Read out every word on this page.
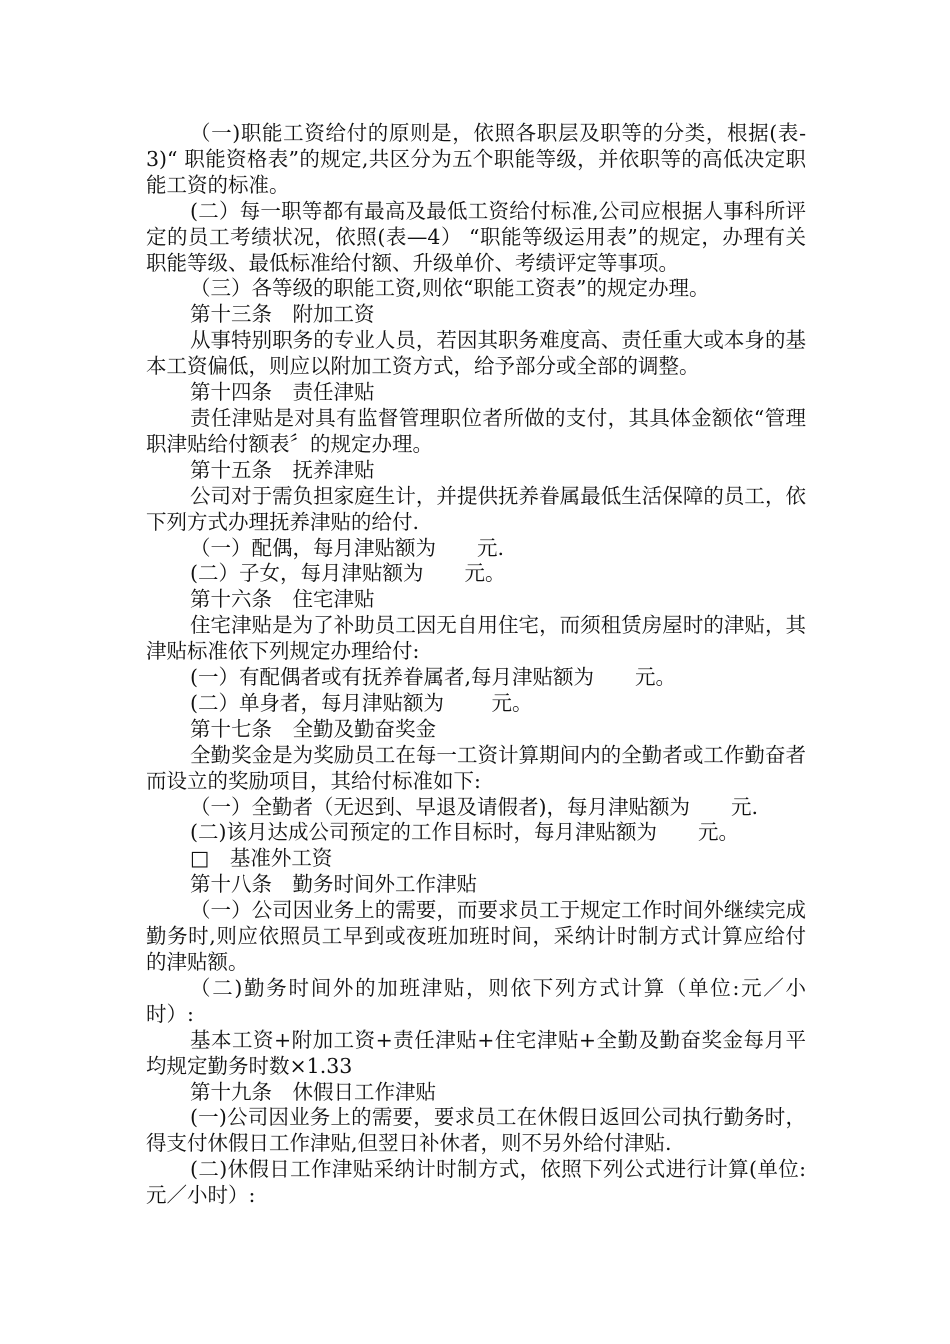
（一)职能工资给付的原则是，依照各职层及职等的分类，根据(表-3)“ 职能资格表”的规定,共区分为五个职能等级，并依职等的高低决定职能工资的标准。

(二）每一职等都有最高及最低工资给付标准,公司应根据人事科所评定的员工考绩状况，依照(表—4） “职能等级运用表”的规定，办理有关职能等级、最低标准给付额、升级单价、考绩评定等事项。

（三）各等级的职能工资,则依“职能工资表”的规定办理。

第十三条　附加工资

从事特别职务的专业人员，若因其职务难度高、责任重大或本身的基本工资偏低，则应以附加工资方式，给予部分或全部的调整。

第十四条　责任津贴

责任津贴是对具有监督管理职位者所做的支付，其具体金额依“管理职津贴给付额表〞的规定办理。

第十五条　抚养津贴

公司对于需负担家庭生计，并提供抚养眷属最低生活保障的员工，依下列方式办理抚养津贴的给付.

（一）配偶，每月津贴额为　　元.

(二）子女，每月津贴额为　　元。

第十六条　住宅津贴

住宅津贴是为了补助员工因无自用住宅，而须租赁房屋时的津贴，其津贴标准依下列规定办理给付:

(一）有配偶者或有抚养眷属者,每月津贴额为　　元。

(二）单身者，每月津贴额为　　 元。

第十七条　全勤及勤奋奖金

全勤奖金是为奖励员工在每一工资计算期间内的全勤者或工作勤奋者而设立的奖励项目，其给付标准如下:

（一）全勤者（无迟到、早退及请假者)，每月津贴额为　　元.

(二)该月达成公司预定的工作目标时，每月津贴额为　　元。

□　基准外工资

第十八条　勤务时间外工作津贴

（一）公司因业务上的需要，而要求员工于规定工作时间外继续完成勤务时,则应依照员工早到或夜班加班时间，采纳计时制方式计算应给付的津贴额。

（二)勤务时间外的加班津贴，则依下列方式计算（单位:元／小时）:

基本工资+附加工资+责任津贴+住宅津贴+全勤及勤奋奖金每月平均规定勤务时数×1.33

第十九条　休假日工作津贴

(一)公司因业务上的需要，要求员工在休假日返回公司执行勤务时，得支付休假日工作津贴,但翌日补休者，则不另外给付津贴.

(二)休假日工作津贴采纳计时制方式，依照下列公式进行计算(单位:元／小时）:
